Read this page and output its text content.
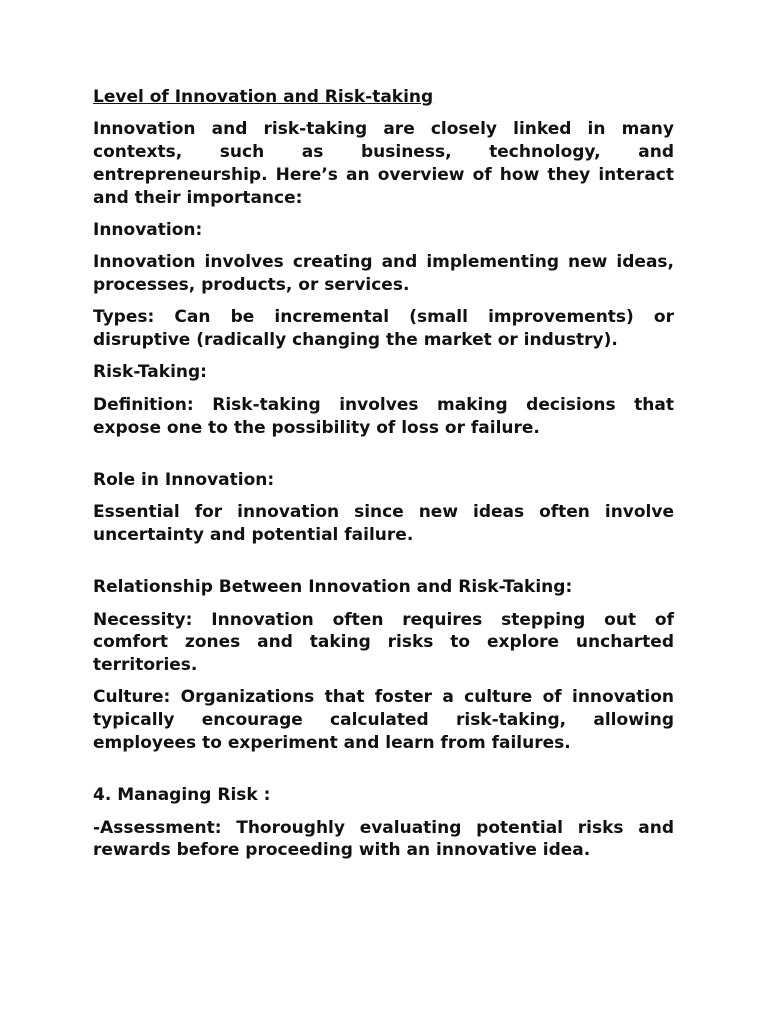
Level of Innovation and Risk-taking

Innovation and risk-taking are closely linked in many contexts, such as business, technology, and entrepreneurship. Here’s an overview of how they interact and their importance:

Innovation:

Innovation involves creating and implementing new ideas, processes, products, or services.

Types: Can be incremental (small improvements) or disruptive (radically changing the market or industry).

Risk-Taking:

Definition: Risk-taking involves making decisions that expose one to the possibility of loss or failure.

Role in Innovation:

Essential for innovation since new ideas often involve uncertainty and potential failure.

Relationship Between Innovation and Risk-Taking:

Necessity: Innovation often requires stepping out of comfort zones and taking risks to explore uncharted territories.

Culture: Organizations that foster a culture of innovation typically encourage calculated risk-taking, allowing employees to experiment and learn from failures.

4. Managing Risk :

-Assessment: Thoroughly evaluating potential risks and rewards before proceeding with an innovative idea.
